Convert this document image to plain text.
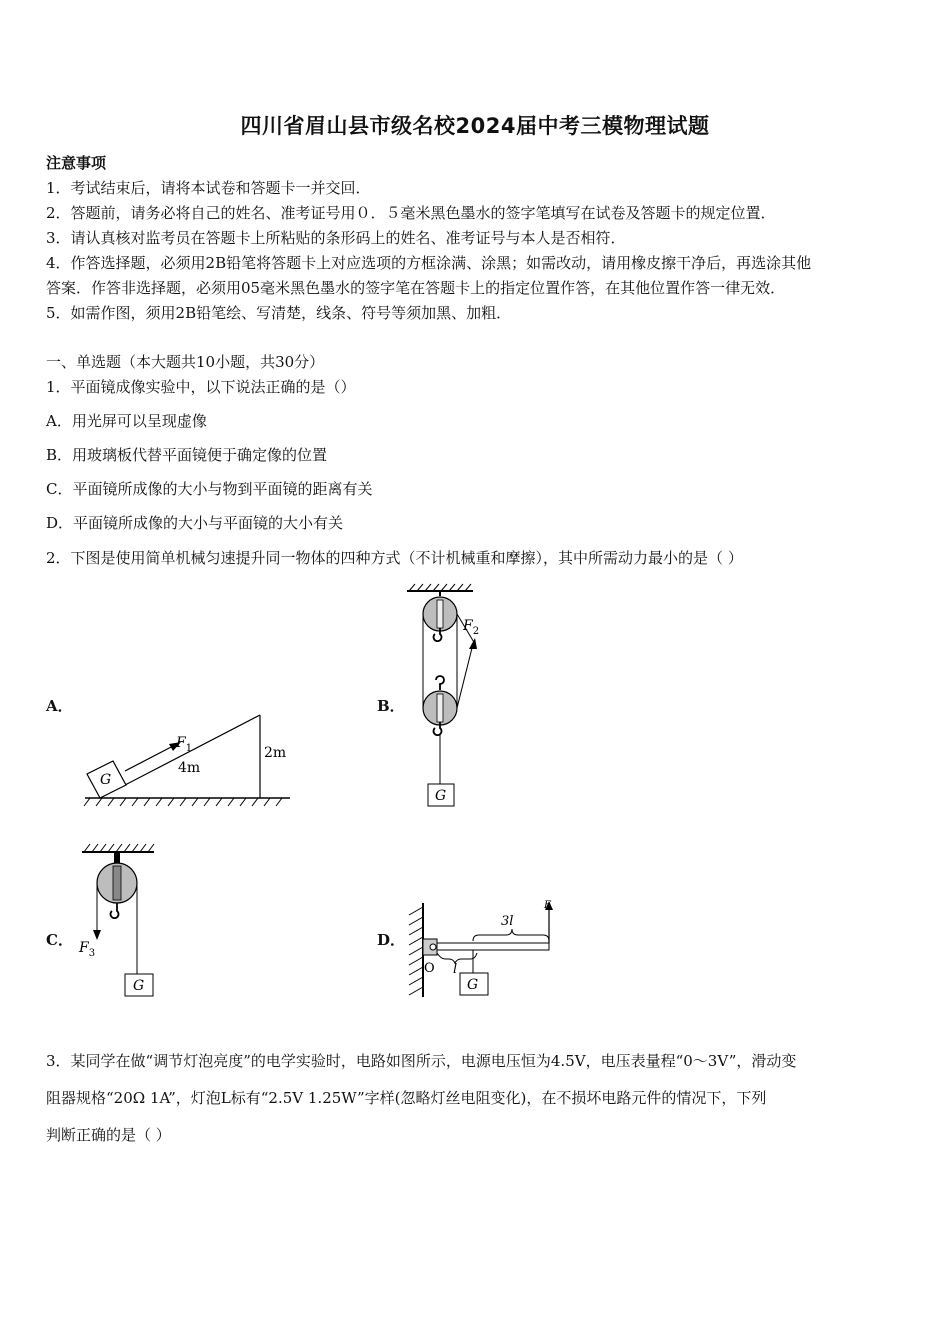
四川省眉山县市级名校2024届中考三模物理试题
注意事项
1．考试结束后，请将本试卷和答题卡一并交回．
2．答题前，请务必将自己的姓名、准考证号用０．５毫米黑色墨水的签字笔填写在试卷及答题卡的规定位置．
3．请认真核对监考员在答题卡上所粘贴的条形码上的姓名、准考证号与本人是否相符．
4．作答选择题，必须用2B铅笔将答题卡上对应选项的方框涂满、涂黑；如需改动，请用橡皮擦干净后，再选涂其他
答案．作答非选择题，必须用05毫米黑色墨水的签字笔在答题卡上的指定位置作答，在其他位置作答一律无效．
5．如需作图，须用2B铅笔绘、写清楚，线条、符号等须加黑、加粗．
一、单选题（本大题共10小题，共30分）
1．平面镜成像实验中，以下说法正确的是（）
A．用光屏可以呈现虚像
B．用玻璃板代替平面镜便于确定像的位置
C．平面镜所成像的大小与物到平面镜的距离有关
D．平面镜所成像的大小与平面镜的大小有关
2．下图是使用简单机械匀速提升同一物体的四种方式（不计机械重和摩擦），其中所需动力最小的是（ ）
A．	B．
C．	D．
G
$F_1$
4m
2m
$F_2$
G
G
$F_3$
F
3l
l
O
G
3．某同学在做“调节灯泡亮度”的电学实验时，电路如图所示，电源电压恒为4.5V，电压表量程“0～3V”，滑动变
阻器规格“20Ω 1A”，灯泡L标有“2.5V 1.25W”字样(忽略灯丝电阻变化)，在不损坏电路元件的情况下，下列
判断正确的是（ ）
